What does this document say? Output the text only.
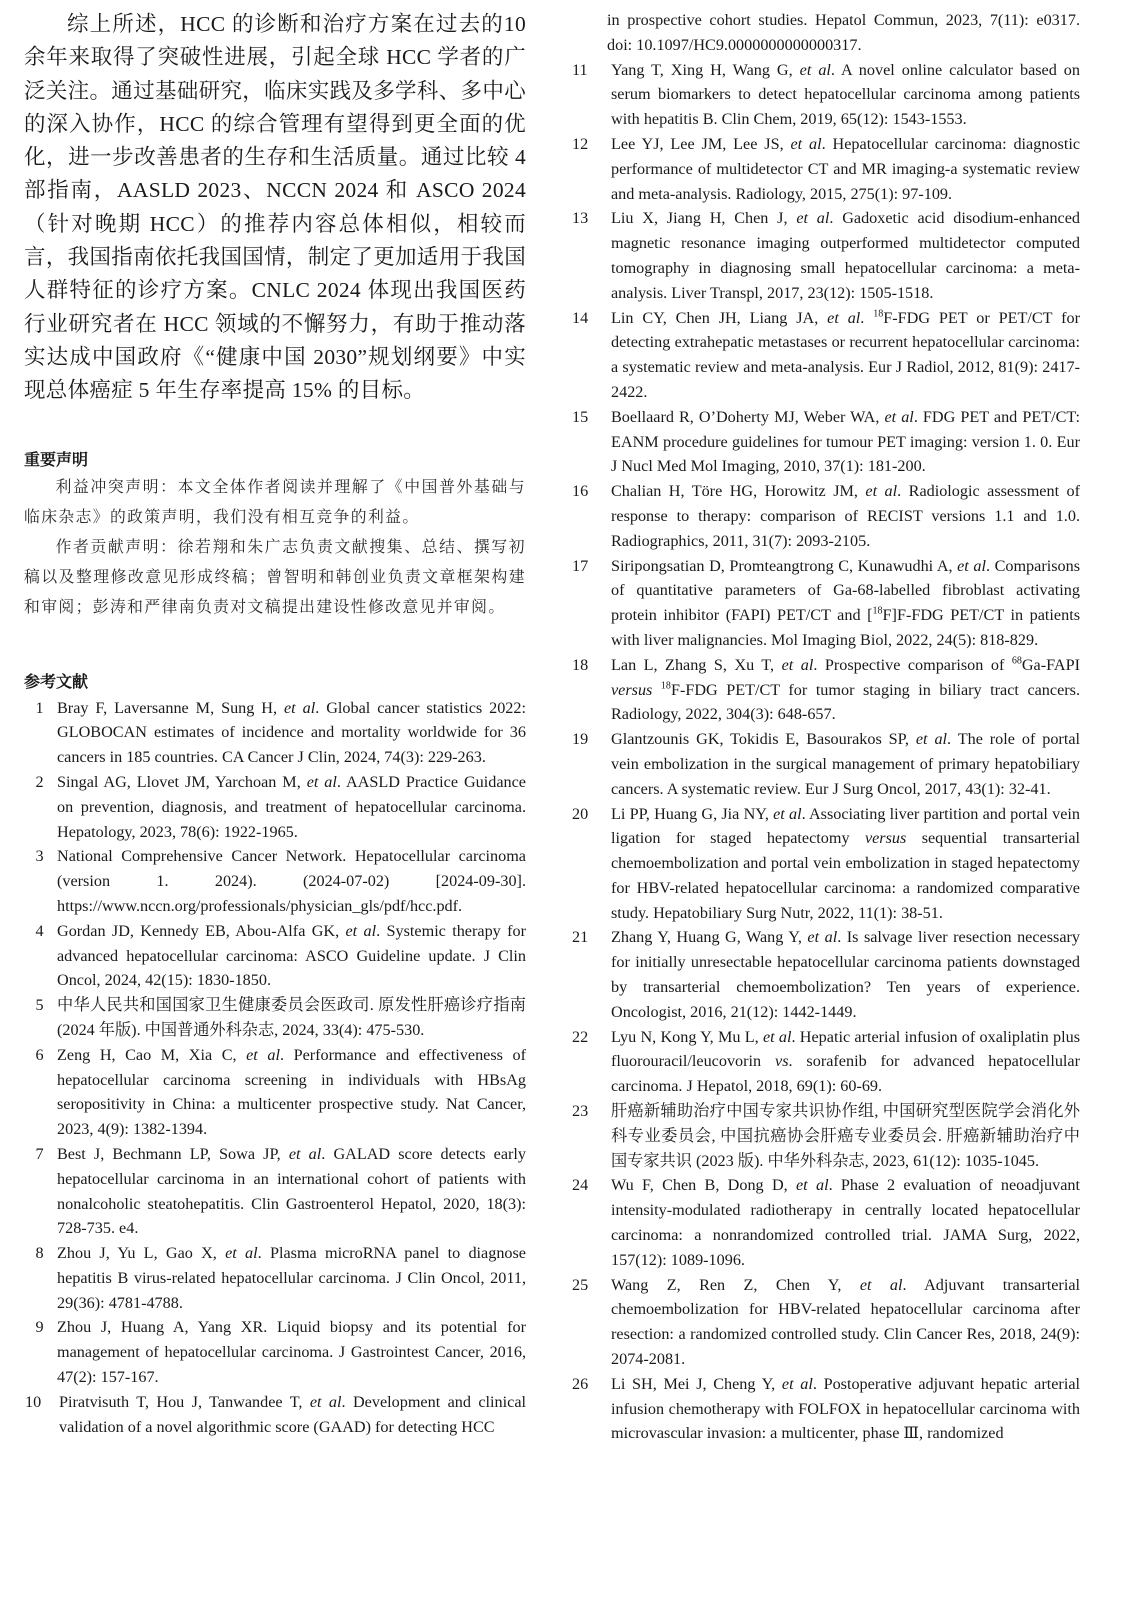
综上所述，HCC 的诊断和治疗方案在过去的10 余年来取得了突破性进展，引起全球 HCC 学者的广泛关注。通过基础研究，临床实践及多学科、多中心的深入协作，HCC 的综合管理有望得到更全面的优化，进一步改善患者的生存和生活质量。通过比较 4 部指南，AASLD 2023、NCCN 2024 和 ASCO 2024（针对晚期 HCC）的推荐内容总体相似，相较而言，我国指南依托我国国情，制定了更加适用于我国人群特征的诊疗方案。CNLC 2024 体现出我国医药行业研究者在 HCC 领域的不懈努力，有助于推动落实达成中国政府《“健康中国 2030”规划纲要》中实现总体癌症 5 年生存率提高 15% 的目标。

重要声明

利益冲突声明：本文全体作者阅读并理解了《中国普外基础与临床杂志》的政策声明，我们没有相互竞争的利益。

作者贡献声明：徐若翔和朱广志负责文献搜集、总结、撰写初稿以及整理修改意见形成终稿；曾智明和韩创业负责文章框架构建和审阅；彭涛和严律南负责对文稿提出建设性修改意见并审阅。

参考文献
1 Bray F, Laversanne M, Sung H, et al. Global cancer statistics 2022: GLOBOCAN estimates of incidence and mortality worldwide for 36 cancers in 185 countries. CA Cancer J Clin, 2024, 74(3): 229-263.
2 Singal AG, Llovet JM, Yarchoan M, et al. AASLD Practice Guidance on prevention, diagnosis, and treatment of hepatocellular carcinoma. Hepatology, 2023, 78(6): 1922-1965.
3 National Comprehensive Cancer Network. Hepatocellular carcinoma (version 1. 2024). (2024-07-02) [2024-09-30]. https://www.nccn.org/professionals/physician_gls/pdf/hcc.pdf.
4 Gordan JD, Kennedy EB, Abou-Alfa GK, et al. Systemic therapy for advanced hepatocellular carcinoma: ASCO Guideline update. J Clin Oncol, 2024, 42(15): 1830-1850.
5 中华人民共和国国家卫生健康委员会医政司. 原发性肝癌诊疗指南 (2024 年版). 中国普通外科杂志, 2024, 33(4): 475-530.
6 Zeng H, Cao M, Xia C, et al. Performance and effectiveness of hepatocellular carcinoma screening in individuals with HBsAg seropositivity in China: a multicenter prospective study. Nat Cancer, 2023, 4(9): 1382-1394.
7 Best J, Bechmann LP, Sowa JP, et al. GALAD score detects early hepatocellular carcinoma in an international cohort of patients with nonalcoholic steatohepatitis. Clin Gastroenterol Hepatol, 2020, 18(3): 728-735. e4.
8 Zhou J, Yu L, Gao X, et al. Plasma microRNA panel to diagnose hepatitis B virus-related hepatocellular carcinoma. J Clin Oncol, 2011, 29(36): 4781-4788.
9 Zhou J, Huang A, Yang XR. Liquid biopsy and its potential for management of hepatocellular carcinoma. J Gastrointest Cancer, 2016, 47(2): 157-167.
10	Piratvisuth T, Hou J, Tanwandee T, et al. Development and clinical validation of a novel algorithmic score (GAAD) for detecting HCC
in prospective cohort studies. Hepatol Commun, 2023, 7(11): e0317. doi: 10.1097/HC9.0000000000000317.
11	Yang T, Xing H, Wang G, et al. A novel online calculator based on serum biomarkers to detect hepatocellular carcinoma among patients with hepatitis B. Clin Chem, 2019, 65(12): 1543-1553.
12	Lee YJ, Lee JM, Lee JS, et al. Hepatocellular carcinoma: diagnostic performance of multidetector CT and MR imaging-a systematic review and meta-analysis. Radiology, 2015, 275(1): 97-109.
13	Liu X, Jiang H, Chen J, et al. Gadoxetic acid disodium-enhanced magnetic resonance imaging outperformed multidetector computed tomography in diagnosing small hepatocellular carcinoma: a meta-analysis. Liver Transpl, 2017, 23(12): 1505-1518.
14	Lin CY, Chen JH, Liang JA, et al. $^{18}$F-FDG PET or PET/CT for detecting extrahepatic metastases or recurrent hepatocellular carcinoma: a systematic review and meta-analysis. Eur J Radiol, 2012, 81(9): 2417-2422.
15	Boellaard R, O’Doherty MJ, Weber WA, et al. FDG PET and PET/CT: EANM procedure guidelines for tumour PET imaging: version 1. 0. Eur J Nucl Med Mol Imaging, 2010, 37(1): 181-200.
16	Chalian H, Töre HG, Horowitz JM, et al. Radiologic assessment of response to therapy: comparison of RECIST versions 1.1 and 1.0. Radiographics, 2011, 31(7): 2093-2105.
17	Siripongsatian D, Promteangtrong C, Kunawudhi A, et al. Comparisons of quantitative parameters of Ga-68-labelled fibroblast activating protein inhibitor (FAPI) PET/CT and [$^{18}$F]F-FDG PET/CT in patients with liver malignancies. Mol Imaging Biol, 2022, 24(5): 818-829.
18	Lan L, Zhang S, Xu T, et al. Prospective comparison of $^{68}$Ga-FAPI versus $^{18}$F-FDG PET/CT for tumor staging in biliary tract cancers. Radiology, 2022, 304(3): 648-657.
19	Glantzounis GK, Tokidis E, Basourakos SP, et al. The role of portal vein embolization in the surgical management of primary hepatobiliary cancers. A systematic review. Eur J Surg Oncol, 2017, 43(1): 32-41.
20	Li PP, Huang G, Jia NY, et al. Associating liver partition and portal vein ligation for staged hepatectomy versus sequential transarterial chemoembolization and portal vein embolization in staged hepatectomy for HBV-related hepatocellular carcinoma: a randomized comparative study. Hepatobiliary Surg Nutr, 2022, 11(1): 38-51.
21	Zhang Y, Huang G, Wang Y, et al. Is salvage liver resection necessary for initially unresectable hepatocellular carcinoma patients downstaged by transarterial chemoembolization? Ten years of experience. Oncologist, 2016, 21(12): 1442-1449.
22	Lyu N, Kong Y, Mu L, et al. Hepatic arterial infusion of oxaliplatin plus fluorouracil/leucovorin vs. sorafenib for advanced hepatocellular carcinoma. J Hepatol, 2018, 69(1): 60-69.
23	肝癌新辅助治疗中国专家共识协作组, 中国研究型医院学会消化外科专业委员会, 中国抗癌协会肝癌专业委员会. 肝癌新辅助治疗中国专家共识 (2023 版). 中华外科杂志, 2023, 61(12): 1035-1045.
24	Wu F, Chen B, Dong D, et al. Phase 2 evaluation of neoadjuvant intensity-modulated radiotherapy in centrally located hepatocellular carcinoma: a nonrandomized controlled trial. JAMA Surg, 2022, 157(12): 1089-1096.
25	Wang Z, Ren Z, Chen Y, et al. Adjuvant transarterial chemoembolization for HBV-related hepatocellular carcinoma after resection: a randomized controlled study. Clin Cancer Res, 2018, 24(9): 2074-2081.
26	Li SH, Mei J, Cheng Y, et al. Postoperative adjuvant hepatic arterial infusion chemotherapy with FOLFOX in hepatocellular carcinoma with microvascular invasion: a multicenter, phase Ⅲ, randomized
